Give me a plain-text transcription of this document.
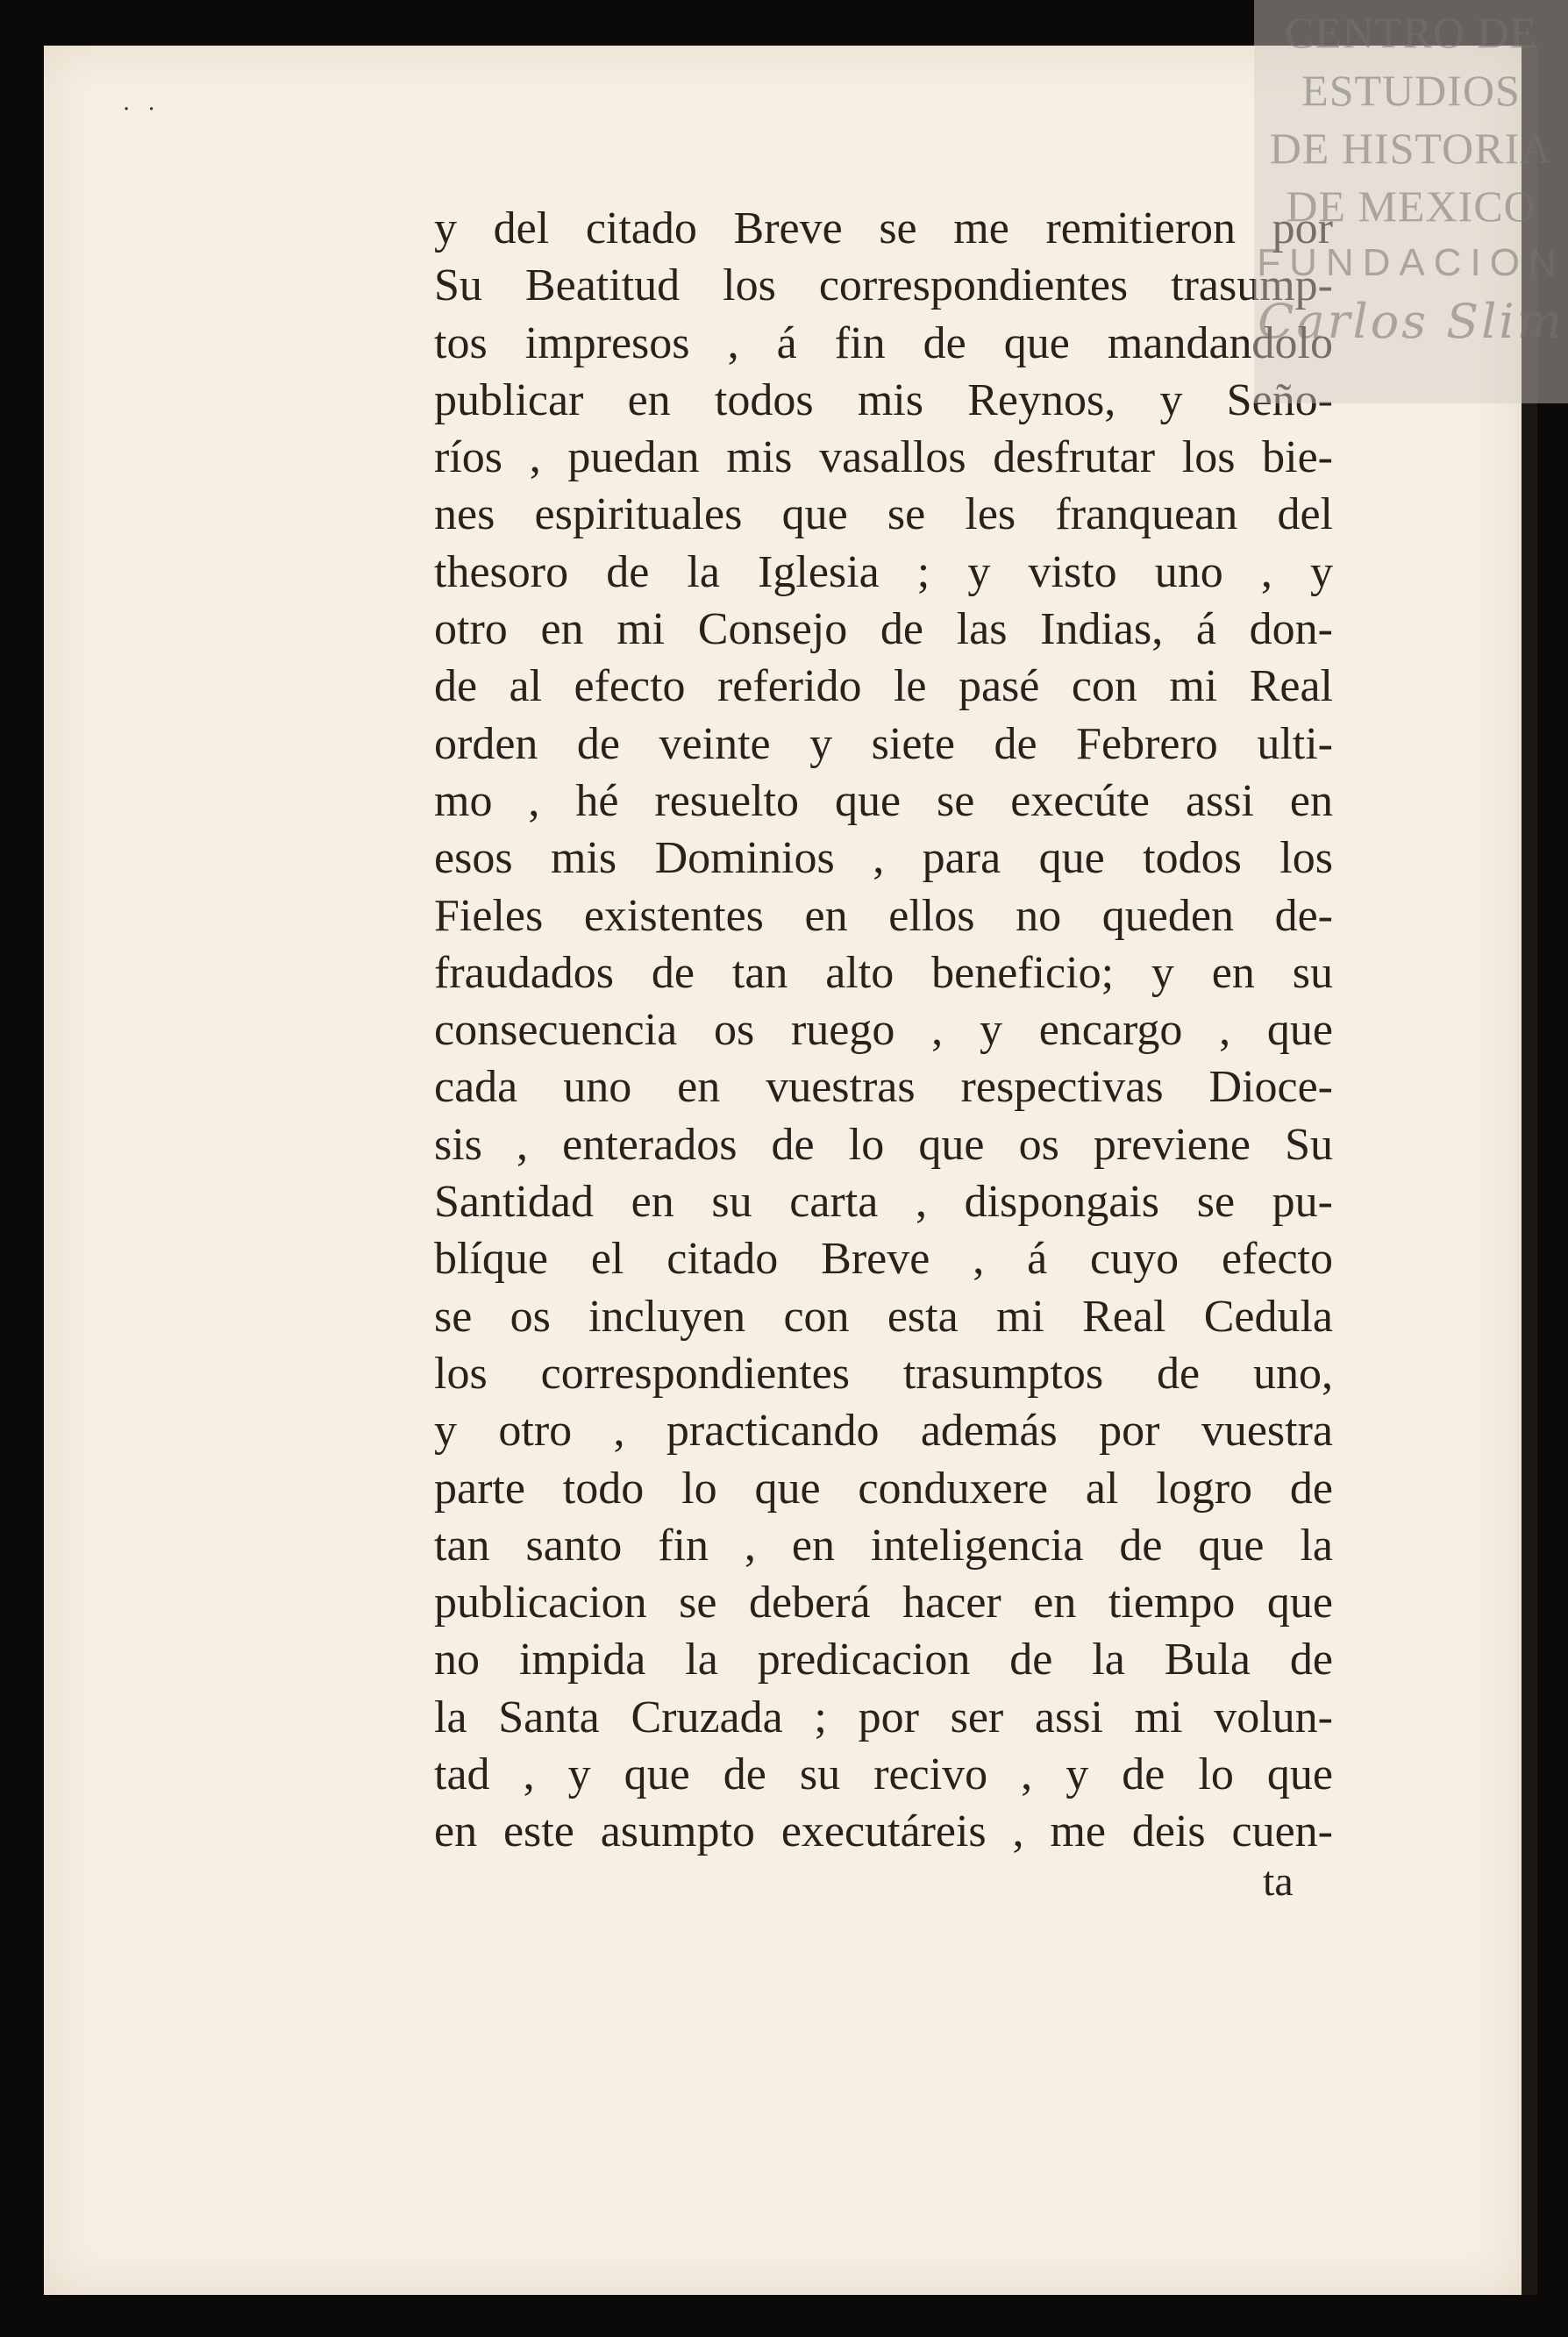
· ·
y del citado Breve se me remitieron por
Su Beatitud los correspondientes trasump-
tos impresos , á fin de que mandandolo
publicar en todos mis Reynos, y Seño-
ríos , puedan mis vasallos desfrutar los bie-
nes espirituales que se les franquean del
thesoro de la Iglesia ; y visto uno , y
otro en mi Consejo de las Indias, á don-
de al efecto referido le pasé con mi Real
orden de veinte y siete de Febrero ulti-
mo , hé resuelto que se execúte assi en
esos mis Dominios , para que todos los
Fieles existentes en ellos no queden de-
fraudados de tan alto beneficio; y en su
consecuencia os ruego , y encargo , que
cada uno en vuestras respectivas Dioce-
sis , enterados de lo que os previene Su
Santidad en su carta , dispongais se pu-
blíque el citado Breve , á cuyo efecto
se os incluyen con esta mi Real Cedula
los correspondientes trasumptos de uno,
y otro , practicando además por vuestra
parte todo lo que conduxere al logro de
tan santo fin , en inteligencia de que la
publicacion se deberá hacer en tiempo que
no impida la predicacion de la Bula de
la Santa Cruzada ; por ser assi mi volun-
tad , y que de su recivo , y de lo que
en este asumpto executáreis , me deis cuen-
ta
CENTRO DE
ESTUDIOS
DE HISTORIA
DE MEXICO
FUNDACION
Carlos Slim
